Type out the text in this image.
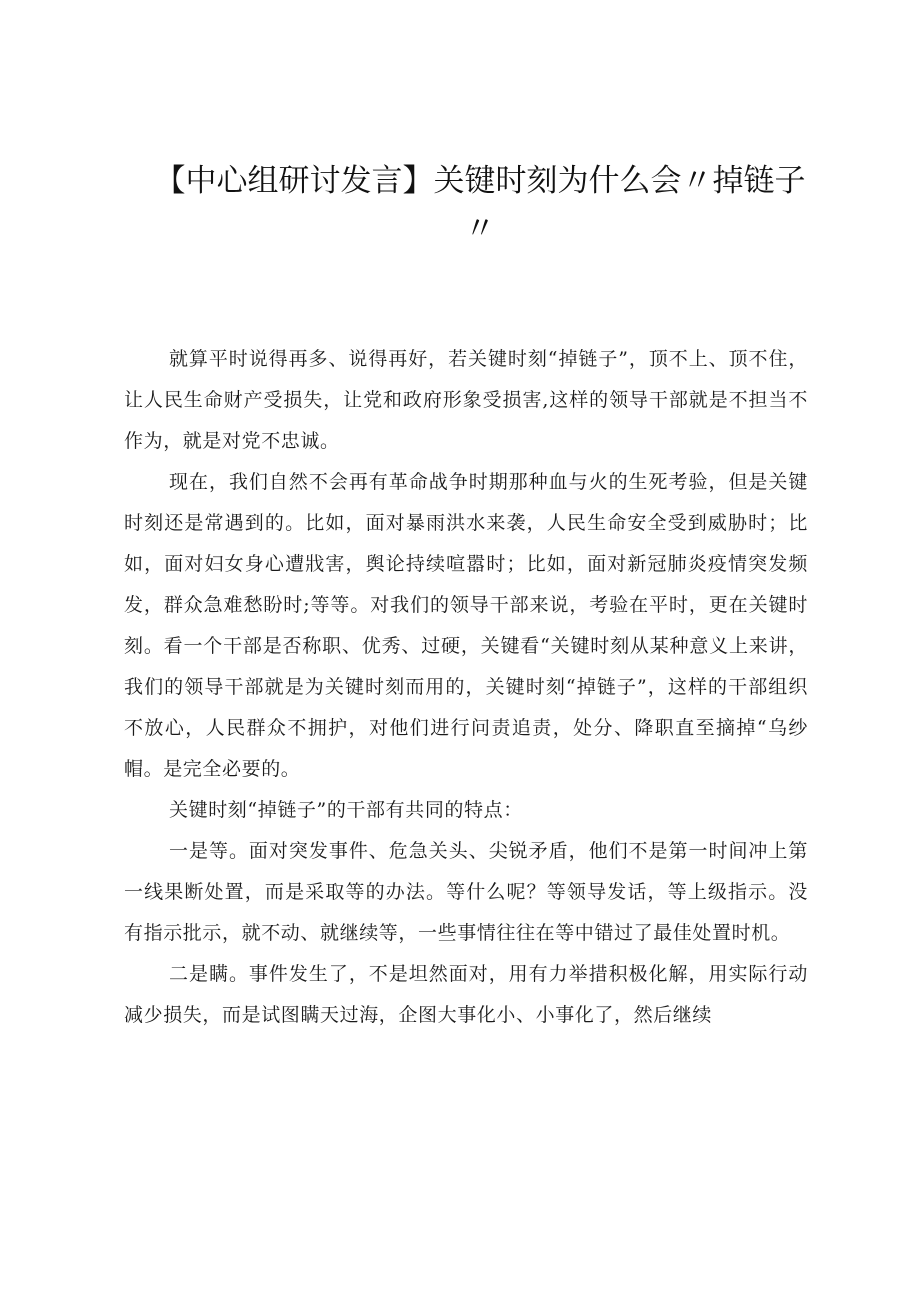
【中心组研讨发言】关键时刻为什么会〃掉链子〃

就算平时说得再多、说得再好，若关键时刻“掉链子”，顶不上、顶不住，让人民生命财产受损失，让党和政府形象受损害,这样的领导干部就是不担当不作为，就是对党不忠诚。

现在，我们自然不会再有革命战争时期那种血与火的生死考验，但是关键时刻还是常遇到的。比如，面对暴雨洪水来袭，人民生命安全受到威胁时；比如，面对妇女身心遭戕害，舆论持续喧嚣时；比如，面对新冠肺炎疫情突发频发，群众急难愁盼时;等等。对我们的领导干部来说，考验在平时，更在关键时刻。看一个干部是否称职、优秀、过硬，关键看“关键时刻从某种意义上来讲，我们的领导干部就是为关键时刻而用的，关键时刻“掉链子”，这样的干部组织不放心，人民群众不拥护，对他们进行问责追责，处分、降职直至摘掉“乌纱帽。是完全必要的。

关键时刻“掉链子”的干部有共同的特点：

一是等。面对突发事件、危急关头、尖锐矛盾，他们不是第一时间冲上第一线果断处置，而是采取等的办法。等什么呢？等领导发话，等上级指示。没有指示批示，就不动、就继续等，一些事情往往在等中错过了最佳处置时机。

二是瞒。事件发生了，不是坦然面对，用有力举措积极化解，用实际行动减少损失，而是试图瞒天过海，企图大事化小、小事化了，然后继续
